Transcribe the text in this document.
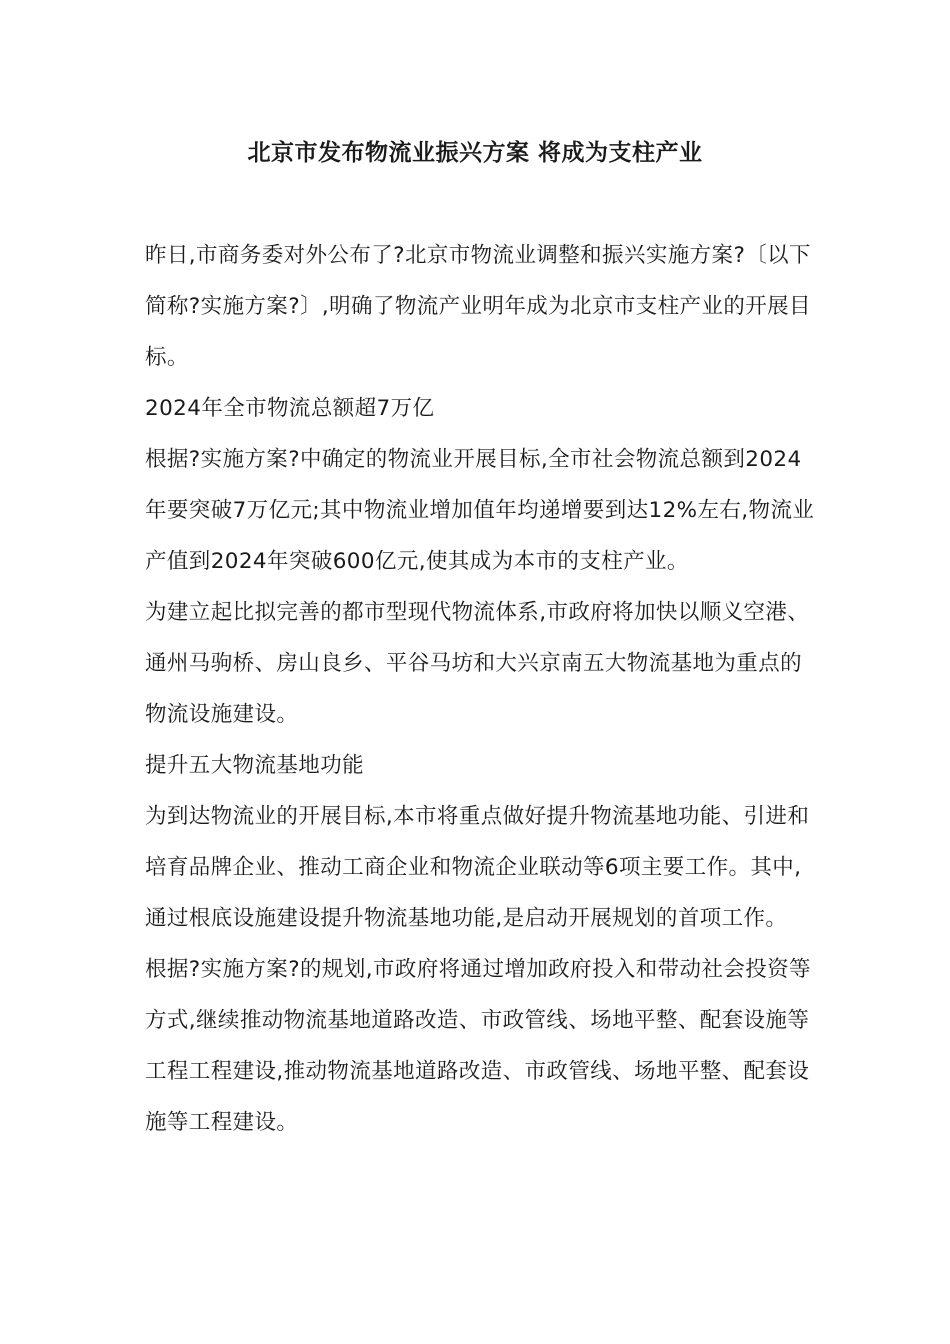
北京市发布物流业振兴方案 将成为支柱产业

昨日,市商务委对外公布了?北京市物流业调整和振兴实施方案?〔以下简称?实施方案?〕,明确了物流产业明年成为北京市支柱产业的开展目标。

2024年全市物流总额超7万亿

根据?实施方案?中确定的物流业开展目标,全市社会物流总额到2024年要突破7万亿元;其中物流业增加值年均递增要到达12%左右,物流业产值到2024年突破600亿元,使其成为本市的支柱产业。

为建立起比拟完善的都市型现代物流体系,市政府将加快以顺义空港、通州马驹桥、房山良乡、平谷马坊和大兴京南五大物流基地为重点的物流设施建设。

提升五大物流基地功能

为到达物流业的开展目标,本市将重点做好提升物流基地功能、引进和培育品牌企业、推动工商企业和物流企业联动等6项主要工作。其中,通过根底设施建设提升物流基地功能,是启动开展规划的首项工作。

根据?实施方案?的规划,市政府将通过增加政府投入和带动社会投资等方式,继续推动物流基地道路改造、市政管线、场地平整、配套设施等工程工程建设,推动物流基地道路改造、市政管线、场地平整、配套设施等工程建设。
